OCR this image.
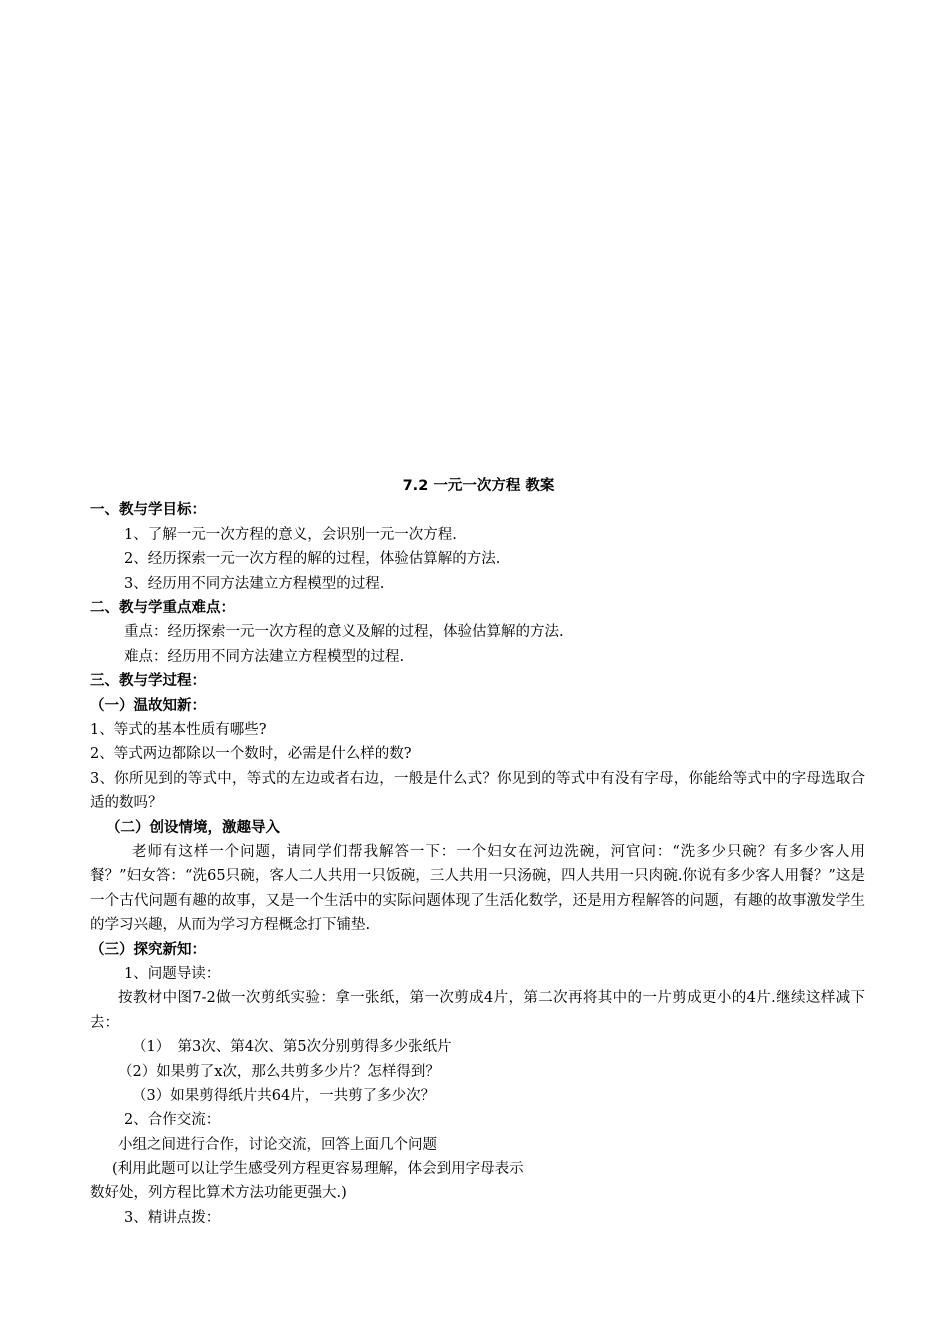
7.2 一元一次方程 教案
一、教与学目标：
1、了解一元一次方程的意义，会识别一元一次方程.
2、经历探索一元一次方程的解的过程，体验估算解的方法.
3、经历用不同方法建立方程模型的过程.
二、教与学重点难点：
重点：经历探索一元一次方程的意义及解的过程，体验估算解的方法.
难点：经历用不同方法建立方程模型的过程.
三、教与学过程：
（一）温故知新：
1、等式的基本性质有哪些?
2、等式两边都除以一个数时，必需是什么样的数?
3、你所见到的等式中，等式的左边或者右边，一般是什么式？你见到的等式中有没有字母，你能给等式中的字母选取合适的数吗？
（二）创设情境，激趣导入
老师有这样一个问题，请同学们帮我解答一下：一个妇女在河边洗碗，河官问：“洗多少只碗？有多少客人用餐？”妇女答：“洗65只碗，客人二人共用一只饭碗，三人共用一只汤碗，四人共用一只肉碗.你说有多少客人用餐？”这是一个古代问题有趣的故事，又是一个生活中的实际问题体现了生活化数学，还是用方程解答的问题，有趣的故事激发学生的学习兴趣，从而为学习方程概念打下铺垫.
（三）探究新知：
1、问题导读：
按教材中图7-2做一次剪纸实验：拿一张纸，第一次剪成4片，第二次再将其中的一片剪成更小的4片.继续这样减下去：
（1）　第3次、第4次、第5次分别剪得多少张纸片
（2）如果剪了x次，那么共剪多少片？怎样得到？
（3）如果剪得纸片共64片，一共剪了多少次？
2、合作交流：
小组之间进行合作，讨论交流，回答上面几个问题
(利用此题可以让学生感受列方程更容易理解，体会到用字母表示
数好处，列方程比算术方法功能更强大.)
3、精讲点拨：
